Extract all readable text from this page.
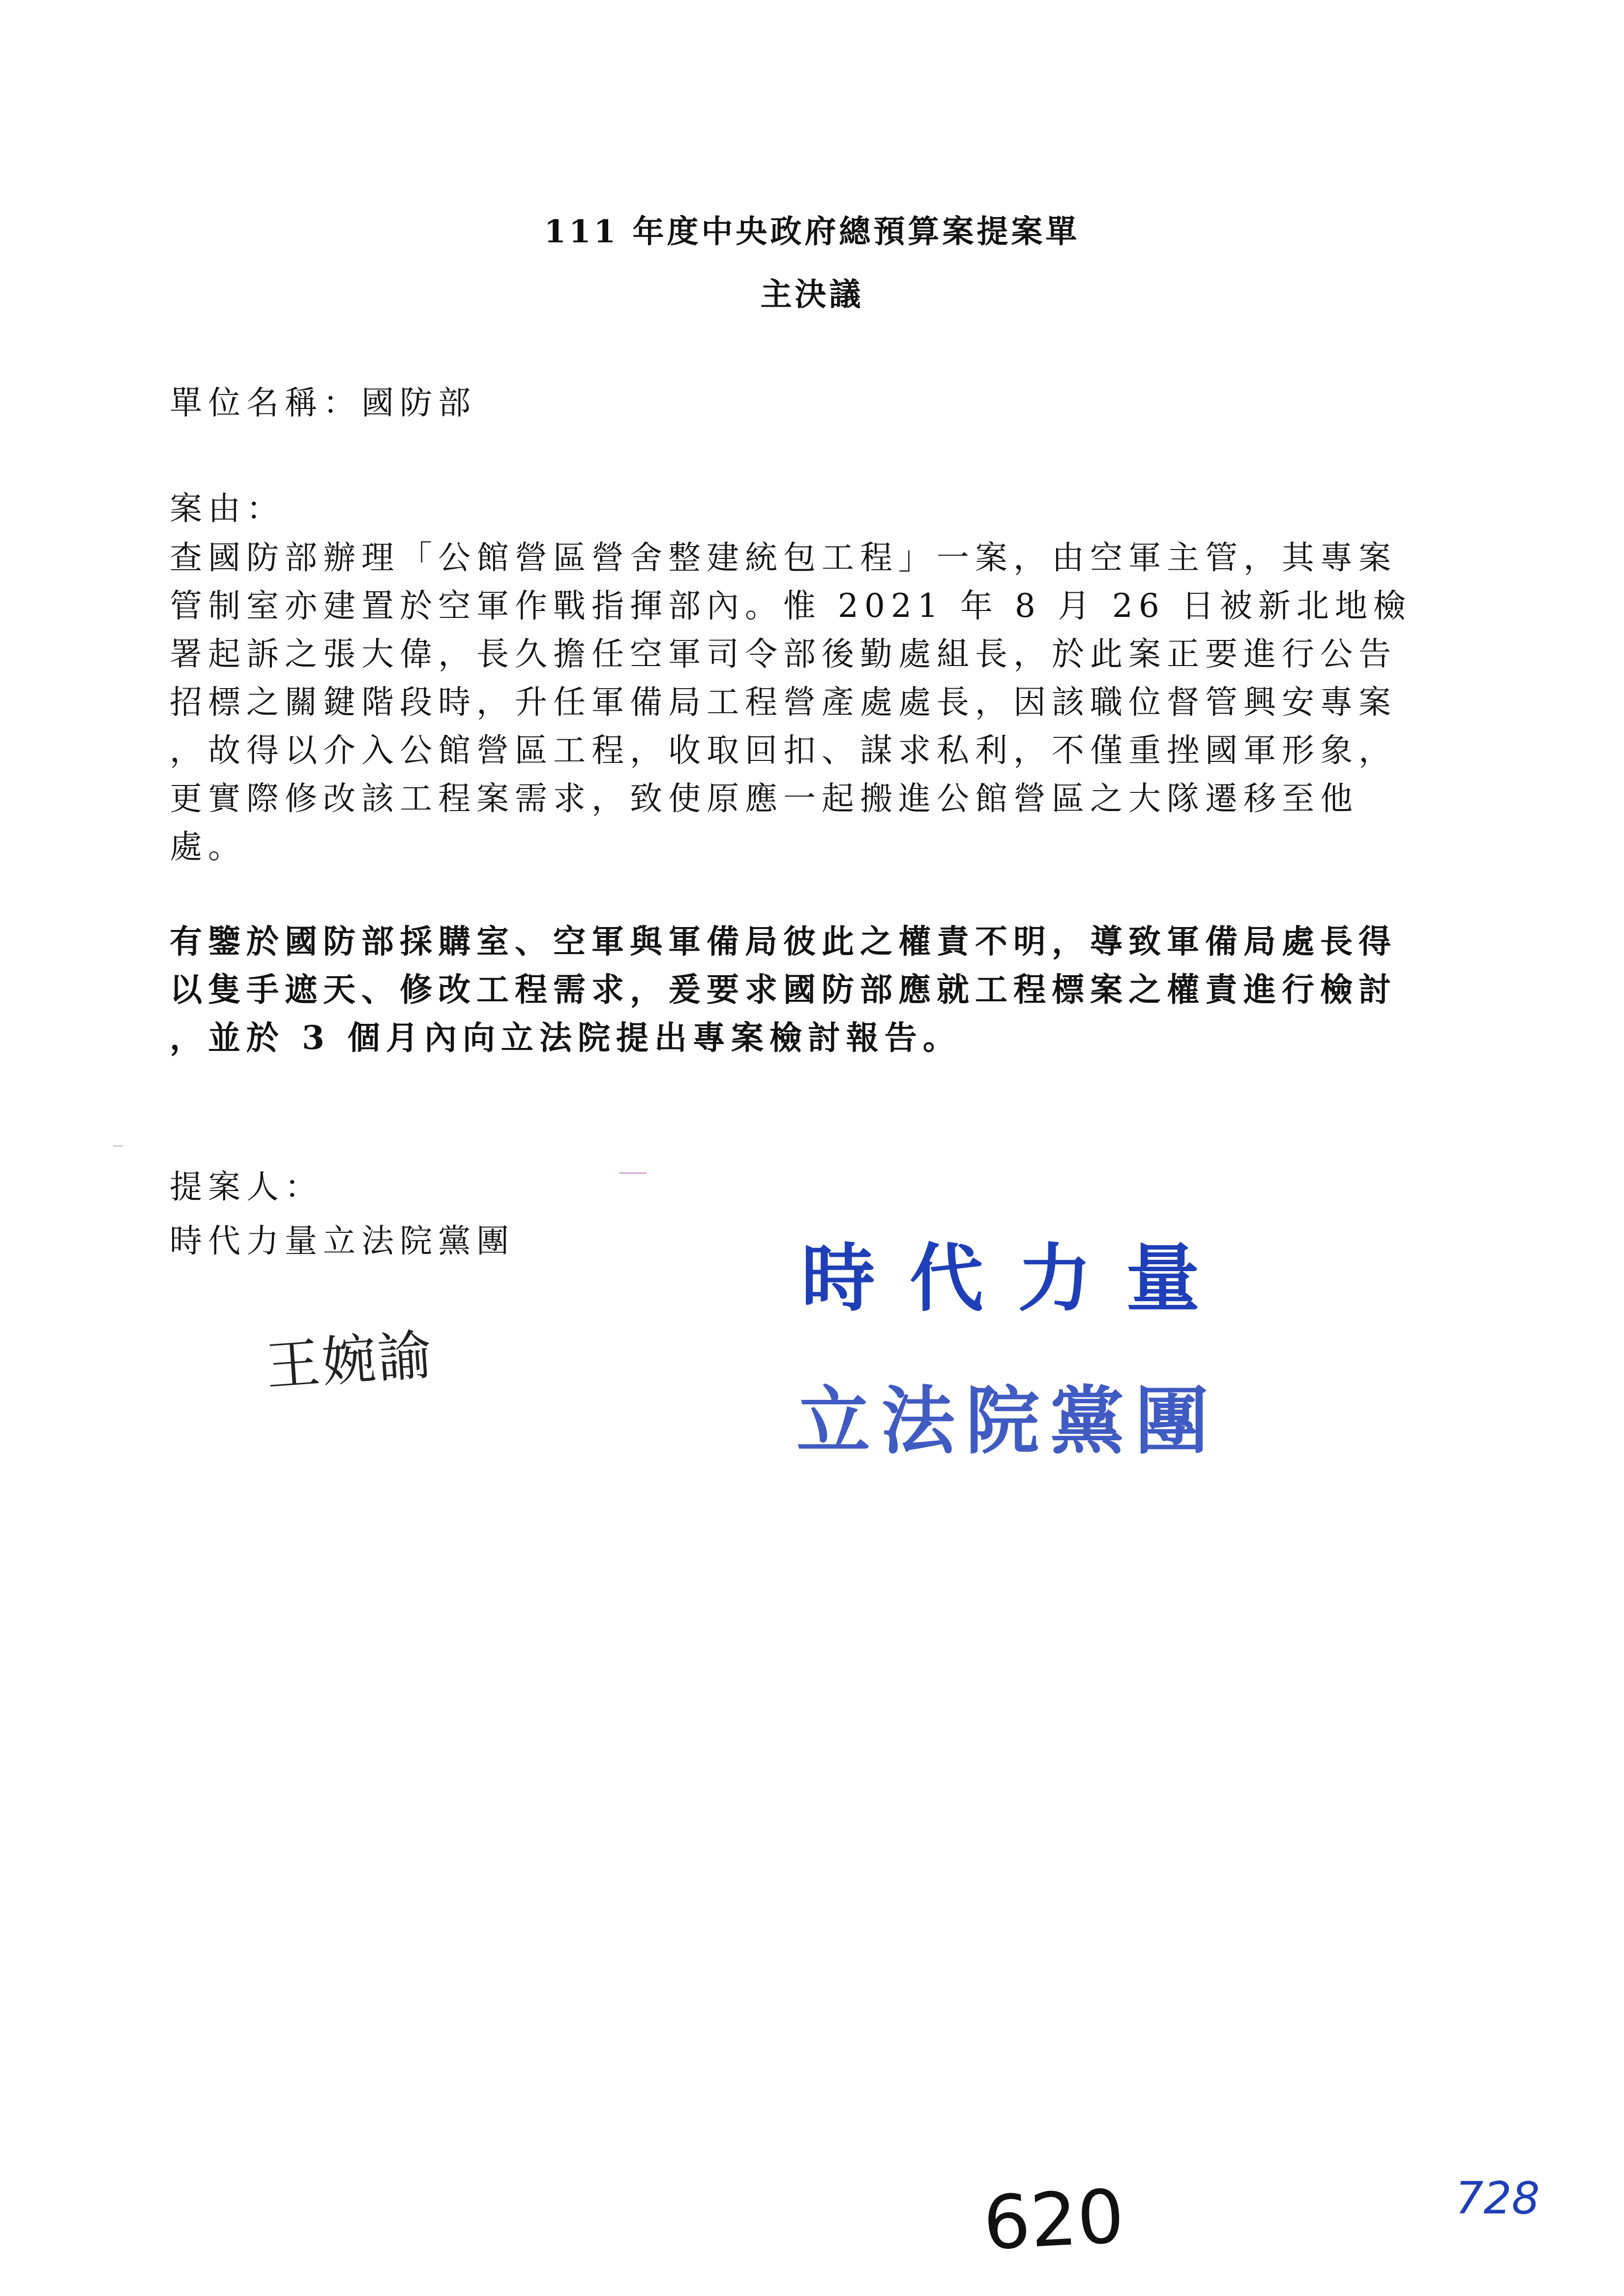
111 年度中央政府總預算案提案單
主決議
單位名稱：國防部
案由：
查國防部辦理「公館營區營舍整建統包工程」一案，由空軍主管，其專案
管制室亦建置於空軍作戰指揮部內。惟 2021 年 8 月 26 日被新北地檢
署起訴之張大偉，長久擔任空軍司令部後勤處組長，於此案正要進行公告
招標之關鍵階段時，升任軍備局工程營產處處長，因該職位督管興安專案
，故得以介入公館營區工程，收取回扣、謀求私利，不僅重挫國軍形象，
更實際修改該工程案需求，致使原應一起搬進公館營區之大隊遷移至他
處。
有鑒於國防部採購室、空軍與軍備局彼此之權責不明，導致軍備局處長得
以隻手遮天、修改工程需求，爰要求國防部應就工程標案之權責進行檢討
，並於 3 個月內向立法院提出專案檢討報告。
提案人：
時代力量立法院黨團
王婉諭
時代力量
立法院黨團
620	728
